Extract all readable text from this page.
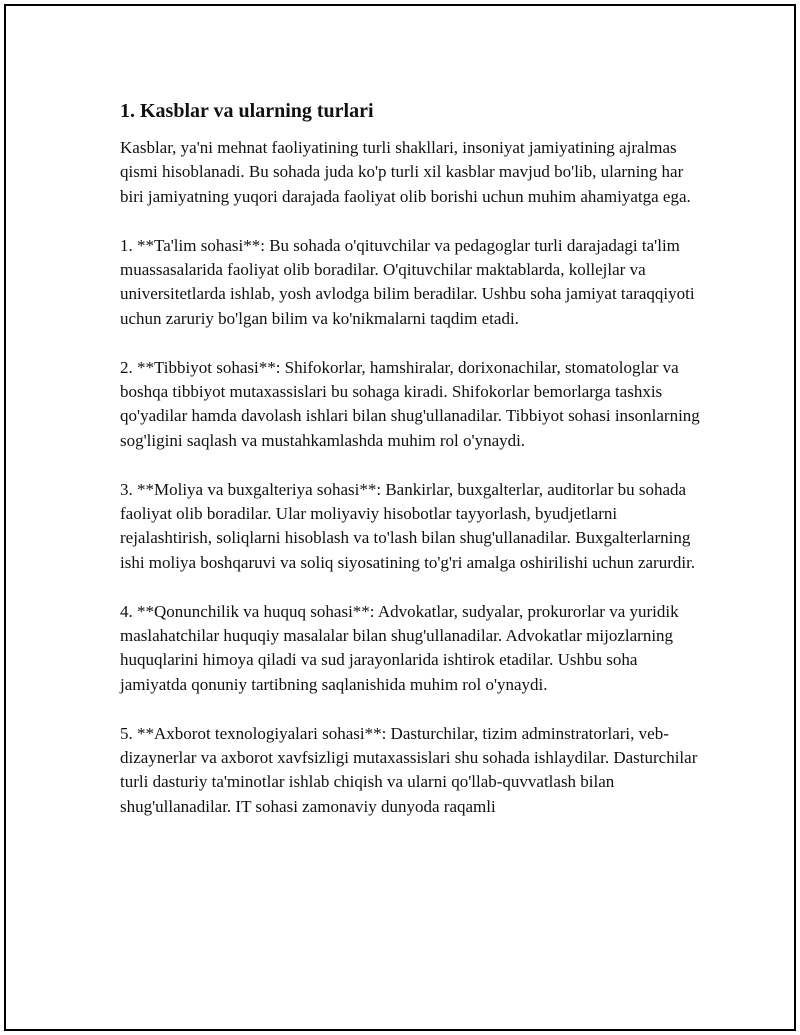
1. Kasblar va ularning turlari

Kasblar, ya'ni mehnat faoliyatining turli shakllari, insoniyat jamiyatining ajralmas qismi hisoblanadi. Bu sohada juda ko'p turli xil kasblar mavjud bo'lib, ularning har biri jamiyatning yuqori darajada faoliyat olib borishi uchun muhim ahamiyatga ega.

1. **Ta'lim sohasi**: Bu sohada o'qituvchilar va pedagoglar turli darajadagi ta'lim muassasalarida faoliyat olib boradilar. O'qituvchilar maktablarda, kollejlar va universitetlarda ishlab, yosh avlodga bilim beradilar. Ushbu soha jamiyat taraqqiyoti uchun zaruriy bo'lgan bilim va ko'nikmalarni taqdim etadi.

2. **Tibbiyot sohasi**: Shifokorlar, hamshiralar, dorixonachilar, stomatologlar va boshqa tibbiyot mutaxassislari bu sohaga kiradi. Shifokorlar bemorlarga tashxis qo'yadilar hamda davolash ishlari bilan shug'ullanadilar. Tibbiyot sohasi insonlarning sog'ligini saqlash va mustahkamlashda muhim rol o'ynaydi.

3. **Moliya va buxgalteriya sohasi**: Bankirlar, buxgalterlar, auditorlar bu sohada faoliyat olib boradilar. Ular moliyaviy hisobotlar tayyorlash, byudjetlarni rejalashtirish, soliqlarni hisoblash va to'lash bilan shug'ullanadilar. Buxgalterlarning ishi moliya boshqaruvi va soliq siyosatining to'g'ri amalga oshirilishi uchun zarurdir.

4. **Qonunchilik va huquq sohasi**: Advokatlar, sudyalar, prokurorlar va yuridik maslahatchilar huquqiy masalalar bilan shug'ullanadilar. Advokatlar mijozlarning huquqlarini himoya qiladi va sud jarayonlarida ishtirok etadilar. Ushbu soha jamiyatda qonuniy tartibning saqlanishida muhim rol o'ynaydi.

5. **Axborot texnologiyalari sohasi**: Dasturchilar, tizim adminstratorlari, veb-dizaynerlar va axborot xavfsizligi mutaxassislari shu sohada ishlaydilar. Dasturchilar turli dasturiy ta'minotlar ishlab chiqish va ularni qo'llab-quvvatlash bilan shug'ullanadilar. IT sohasi zamonaviy dunyoda raqamli
